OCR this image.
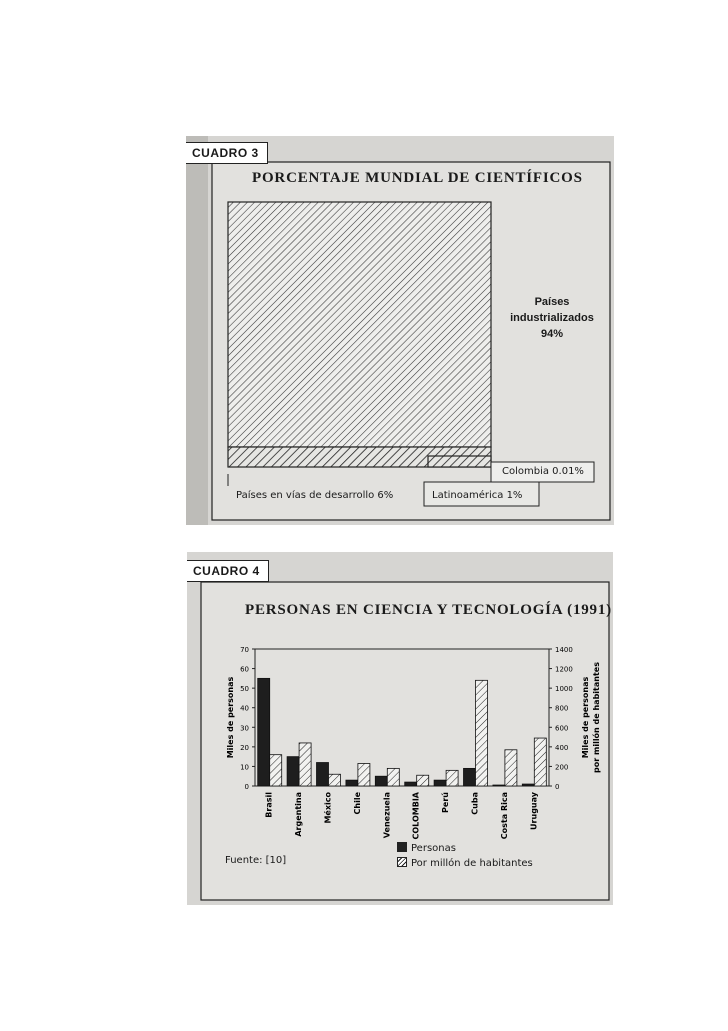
CUADRO 3
PORCENTAJE MUNDIAL DE CIENTÍFICOS
Países
industrializados
94%
Colombia 0.01%
Países en vías de desarrollo 6%	Latinoamérica 1%
0
10
20
30
40
50
60
70
0
200
400
600
800
1000
1200
1400
Miles de personas	Miles de personas por millón de habitantes
Brasil	Argentina	México	Chile	Venezuela	COLOMBIA	Perú	Cuba	Costa Rica	Uruguay
CUADRO 4
PERSONAS EN CIENCIA Y TECNOLOGÍA (1991)
Fuente: [10]
Personas
Por millón de habitantes
